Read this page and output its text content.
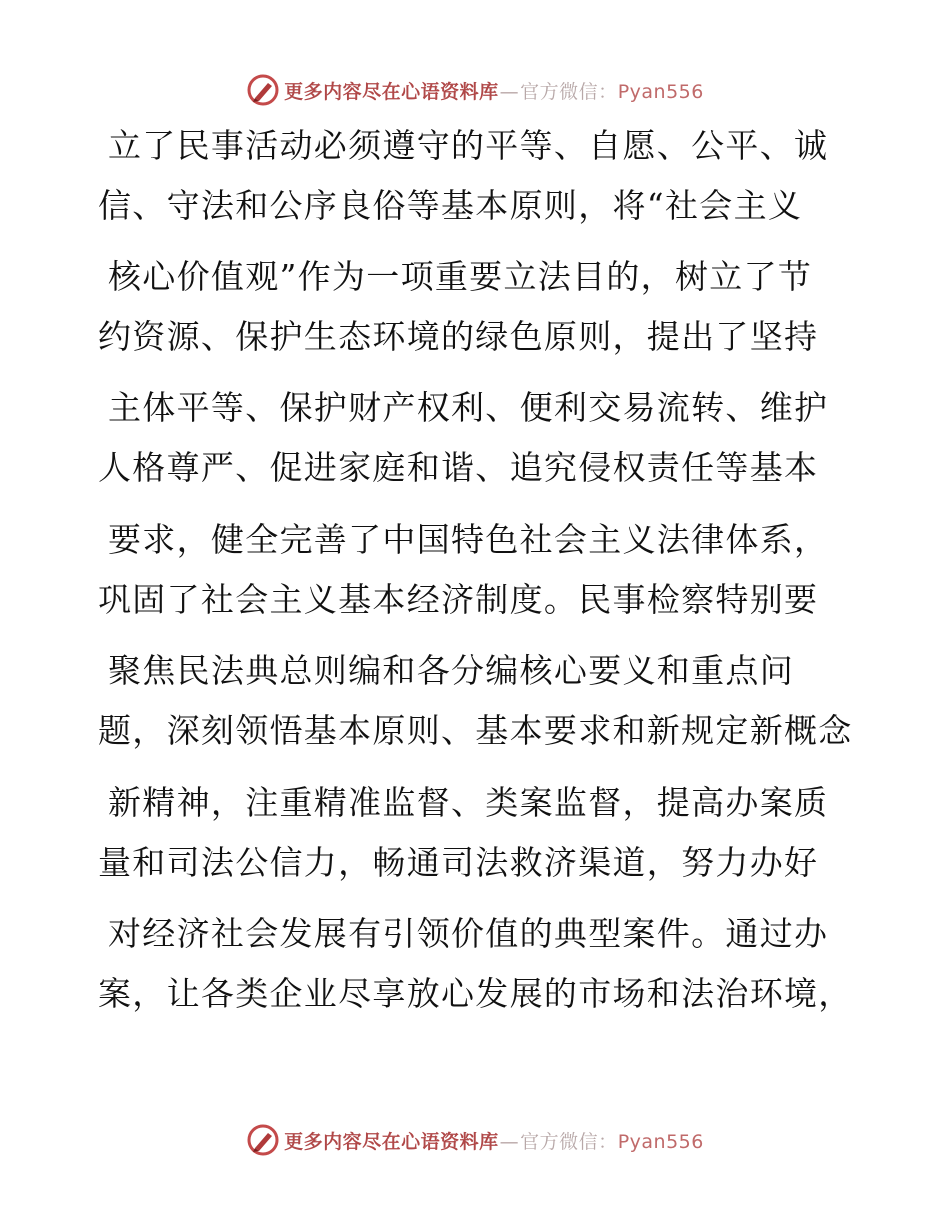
更多内容尽在心语资料库—官方微信：Pyan556
立了民事活动必须遵守的平等、自愿、公平、诚
信、守法和公序良俗等基本原则，将“社会主义
核心价值观”作为一项重要立法目的，树立了节
约资源、保护生态环境的绿色原则，提出了坚持
主体平等、保护财产权利、便利交易流转、维护
人格尊严、促进家庭和谐、追究侵权责任等基本
要求，健全完善了中国特色社会主义法律体系，
巩固了社会主义基本经济制度。民事检察特别要
聚焦民法典总则编和各分编核心要义和重点问
题，深刻领悟基本原则、基本要求和新规定新概念
新精神，注重精准监督、类案监督，提高办案质
量和司法公信力，畅通司法救济渠道，努力办好
对经济社会发展有引领价值的典型案件。通过办
案，让各类企业尽享放心发展的市场和法治环境，
更多内容尽在心语资料库—官方微信：Pyan556
